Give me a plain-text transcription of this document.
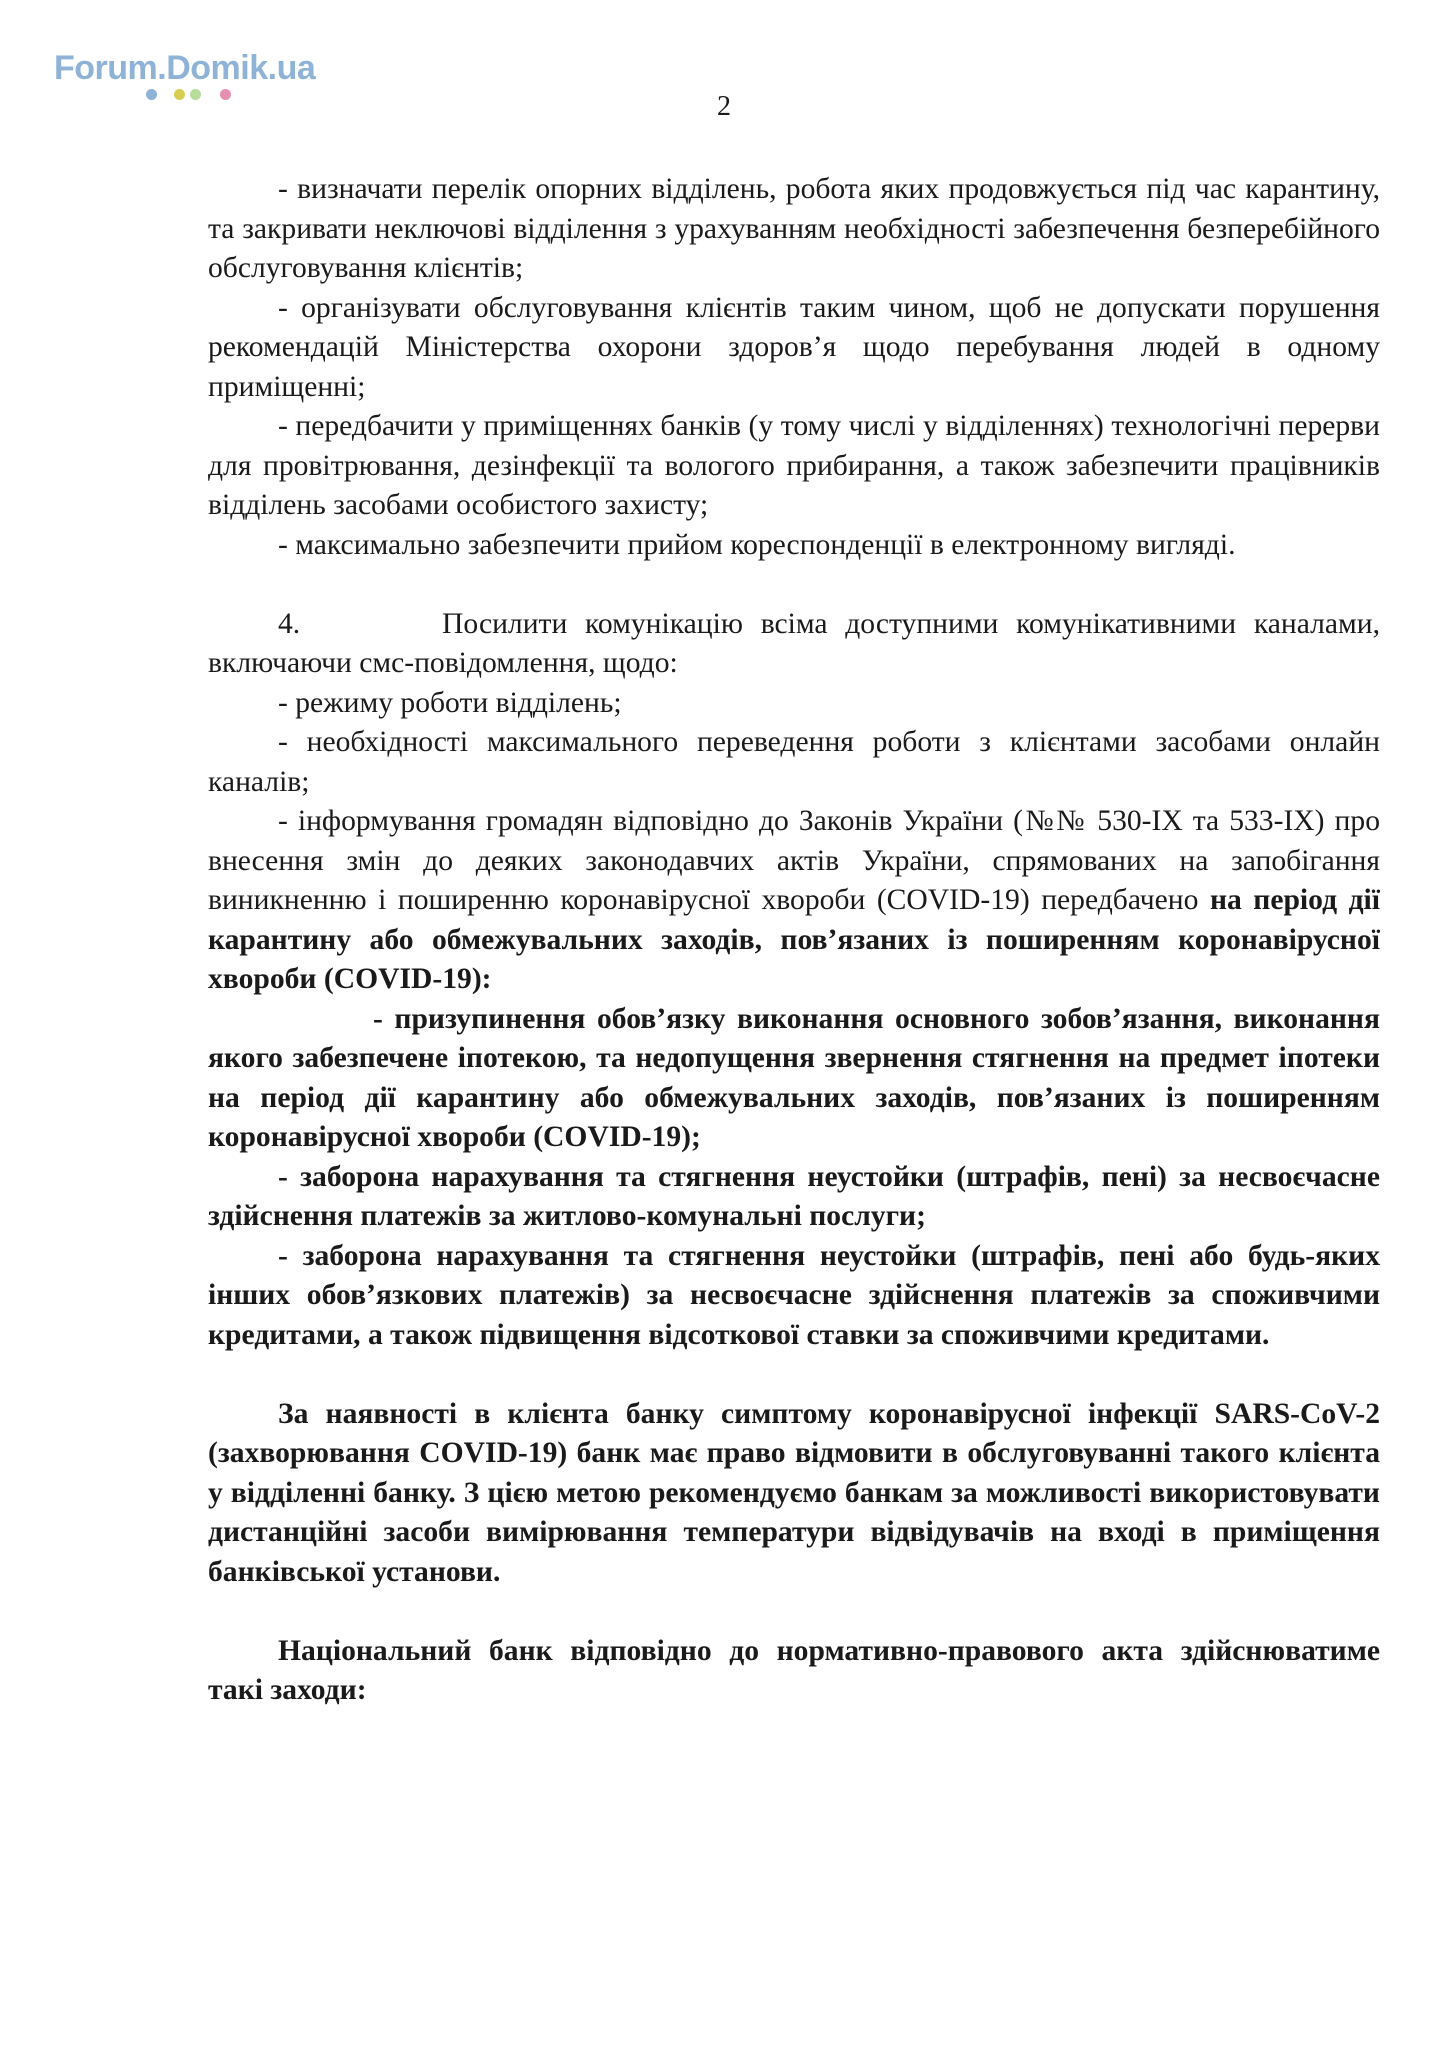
Forum.Domik.ua
2

- визначати перелік опорних відділень, робота яких продовжується під час карантину, та закривати неключові відділення з урахуванням необхідності забезпечення безперебійного обслуговування клієнтів;

- організувати обслуговування клієнтів таким чином, щоб не допускати порушення рекомендацій Міністерства охорони здоров’я щодо перебування людей в одному приміщенні;

- передбачити у приміщеннях банків (у тому числі у відділеннях) технологічні перерви для провітрювання, дезінфекції та вологого прибирання, а також забезпечити працівників відділень засобами особистого захисту;

- максимально забезпечити прийом кореспонденції в електронному вигляді.

4.        Посилити комунікацію всіма доступними комунікативними каналами, включаючи смс-повідомлення, щодо:

- режиму роботи відділень;

- необхідності максимального переведення роботи з клієнтами засобами онлайн каналів;

- інформування громадян відповідно до Законів України (№№ 530-IX та 533-IX) про внесення змін до деяких законодавчих актів України, спрямованих на запобігання виникненню і поширенню коронавірусної хвороби (COVID-19) передбачено на період дії карантину або обмежувальних заходів, пов’язаних із поширенням коронавірусної хвороби (COVID-19):

- призупинення обов’язку виконання основного зобов’язання, виконання якого забезпечене іпотекою, та недопущення звернення стягнення на предмет іпотеки на період дії карантину або обмежувальних заходів, пов’язаних із поширенням коронавірусної хвороби (COVID-19);

- заборона нарахування та стягнення неустойки (штрафів, пені) за несвоєчасне здійснення платежів за житлово-комунальні послуги;

- заборона нарахування та стягнення неустойки (штрафів, пені або будь-яких інших обов’язкових платежів) за несвоєчасне здійснення платежів за споживчими кредитами, а також підвищення відсоткової ставки за споживчими кредитами.

За наявності в клієнта банку симптому коронавірусної інфекції SARS-CoV-2 (захворювання COVID-19) банк має право відмовити в обслуговуванні такого клієнта у відділенні банку. З цією метою рекомендуємо банкам за можливості використовувати дистанційні засоби вимірювання температури відвідувачів на вході в приміщення банківської установи.

Національний банк відповідно до нормативно-правового акта здійснюватиме такі заходи:
